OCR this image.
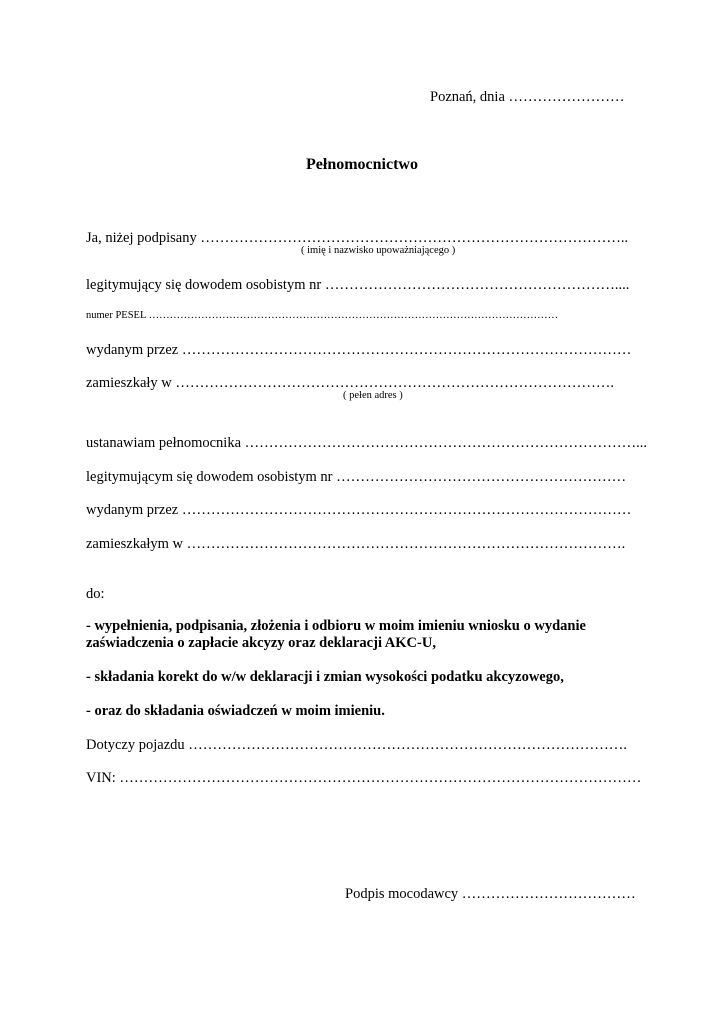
Poznań, dnia ……………………
Pełnomocnictwo
Ja, niżej podpisany ……………………………………………………………………………..
( imię i nazwisko upoważniającego )
legitymujący się dowodem osobistym nr ……………………………………………………....
numer PESEL ………………………………………………………………………………………………………
wydanym przez …………………………………………………………………………………
zamieszkały w ……………………………………………………………………………….
( pełen adres )
ustanawiam pełnomocnika ………………………………………………………………………...
legitymującym się dowodem osobistym nr ……………………………………………………
wydanym przez …………………………………………………………………………………
zamieszkałym w ……………………………………………………………………………….
do:
- wypełnienia, podpisania, złożenia i odbioru w moim imieniu wniosku o wydanie
zaświadczenia o zapłacie akcyzy oraz deklaracji AKC-U,
- składania korekt do w/w deklaracji i zmian wysokości podatku akcyzowego,
- oraz do składania oświadczeń w moim imieniu.
Dotyczy pojazdu ……………………………………………………………………………….
VIN: ………………………………………………………………………………………………
Podpis mocodawcy ………………………………
